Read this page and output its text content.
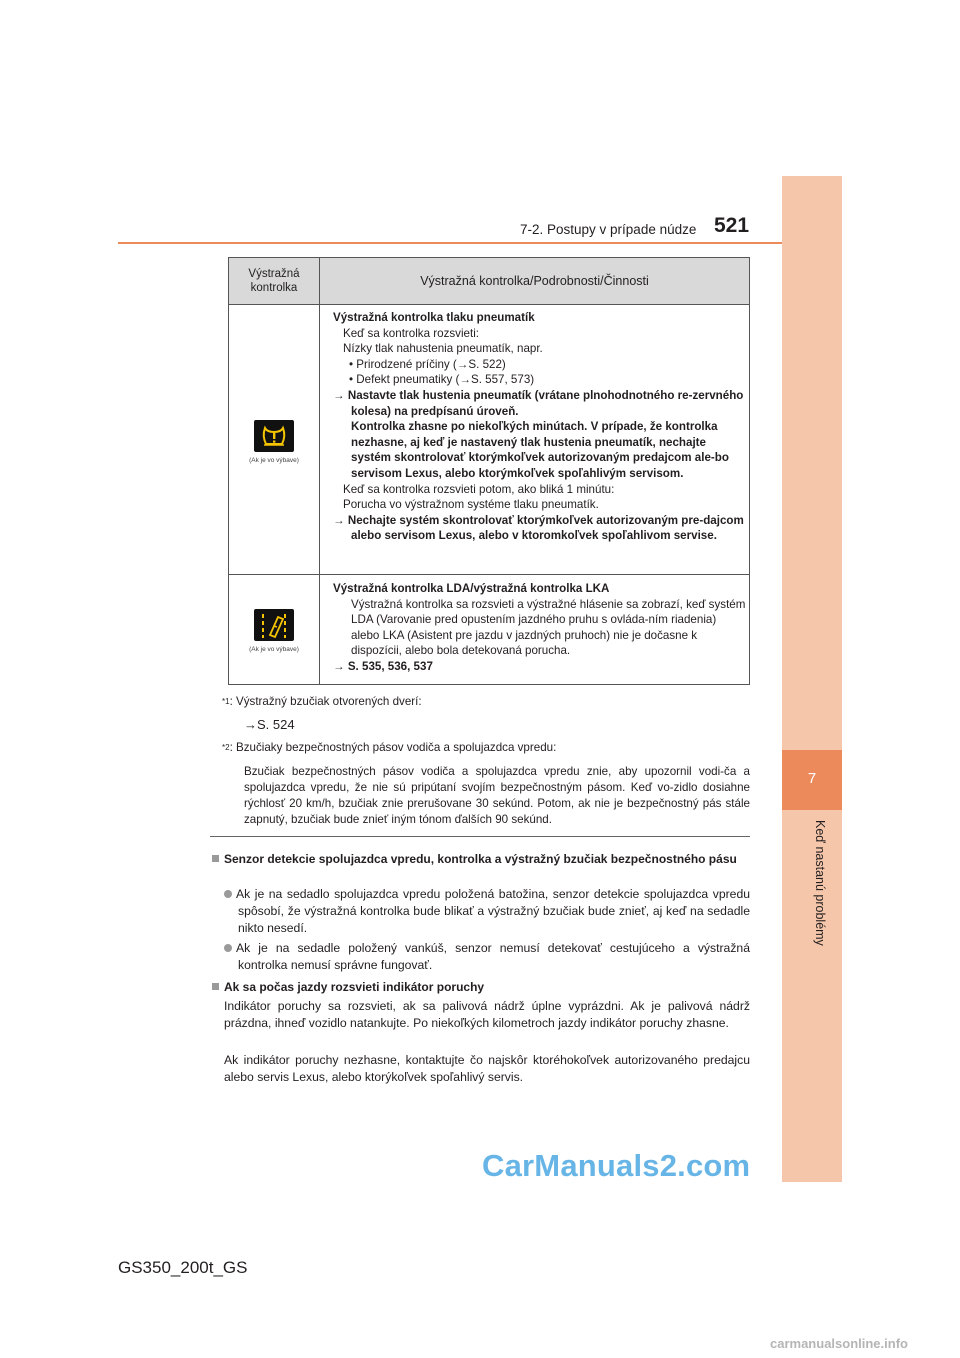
7
Keď nastanú problémy
7-2. Postupy v prípade núdze 521
Výstražná kontrolka	Výstražná kontrolka/Podrobnosti/Činnosti
(Ak je vo výbave)

Výstražná kontrolka tlaku pneumatík

Keď sa kontrolka rozsvieti:

Nízky tlak nahustenia pneumatík, napr.

• Prirodzené príčiny (→S. 522)

• Defekt pneumatiky (→S. 557, 573)

→ Nastavte tlak hustenia pneumatík (vrátane plnohodnotného re-zervného kolesa) na predpísanú úroveň.

Kontrolka zhasne po niekoľkých minútach. V prípade, že kontrolka nezhasne, aj keď je nastavený tlak hustenia pneumatík, nechajte systém skontrolovať ktorýmkoľvek autorizovaným predajcom ale-bo servisom Lexus, alebo ktorýmkoľvek spoľahlivým servisom.

Keď sa kontrolka rozsvieti potom, ako bliká 1 minútu:

Porucha vo výstražnom systéme tlaku pneumatík.

→ Nechajte systém skontrolovať ktorýmkoľvek autorizovaným pre-dajcom alebo servisom Lexus, alebo v ktoromkoľvek spoľahlivom servise.

(Ak je vo výbave)

Výstražná kontrolka LDA/výstražná kontrolka LKA

Výstražná kontrolka sa rozsvieti a výstražné hlásenie sa zobrazí, keď systém LDA (Varovanie pred opustením jazdného pruhu s ovláda-ním riadenia) alebo LKA (Asistent pre jazdu v jazdných pruhoch) nie je dočasne k dispozícii, alebo bola detekovaná porucha.

→ S. 535, 536, 537

$^{*1}$: Výstražný bzučiak otvorených dverí:
→S. 524
$^{*2}$: Bzučiaky bezpečnostných pásov vodiča a spolujazdca vpredu:
Bzučiak bezpečnostných pásov vodiča a spolujazdca vpredu znie, aby upozornil vodi-ča a spolujazdca vpredu, že nie sú pripútaní svojím bezpečnostným pásom. Keď vo-zidlo dosiahne rýchlosť 20 km/h, bzučiak znie prerušovane 30 sekúnd. Potom, ak nie je bezpečnostný pás stále zapnutý, bzučiak bude znieť iným tónom ďalších 90 sekúnd.
Senzor detekcie spolujazdca vpredu, kontrolka a výstražný bzučiak bezpečnostného pásu
Ak je na sedadlo spolujazdca vpredu položená batožina, senzor detekcie spolujazdca vpredu spôsobí, že výstražná kontrolka bude blikať a výstražný bzučiak bude znieť, aj keď na sedadle nikto nesedí.
Ak je na sedadle položený vankúš, senzor nemusí detekovať cestujúceho a výstražná kontrolka nemusí správne fungovať.
Ak sa počas jazdy rozsvieti indikátor poruchy
Indikátor poruchy sa rozsvieti, ak sa palivová nádrž úplne vyprázdni. Ak je palivová nádrž prázdna, ihneď vozidlo natankujte. Po niekoľkých kilometroch jazdy indikátor poruchy zhasne.
Ak indikátor poruchy nezhasne, kontaktujte čo najskôr ktoréhokoľvek autorizovaného predajcu alebo servis Lexus, alebo ktorýkoľvek spoľahlivý servis.
CarManuals2.com
GS350_200t_GS
carmanualsonline.info
